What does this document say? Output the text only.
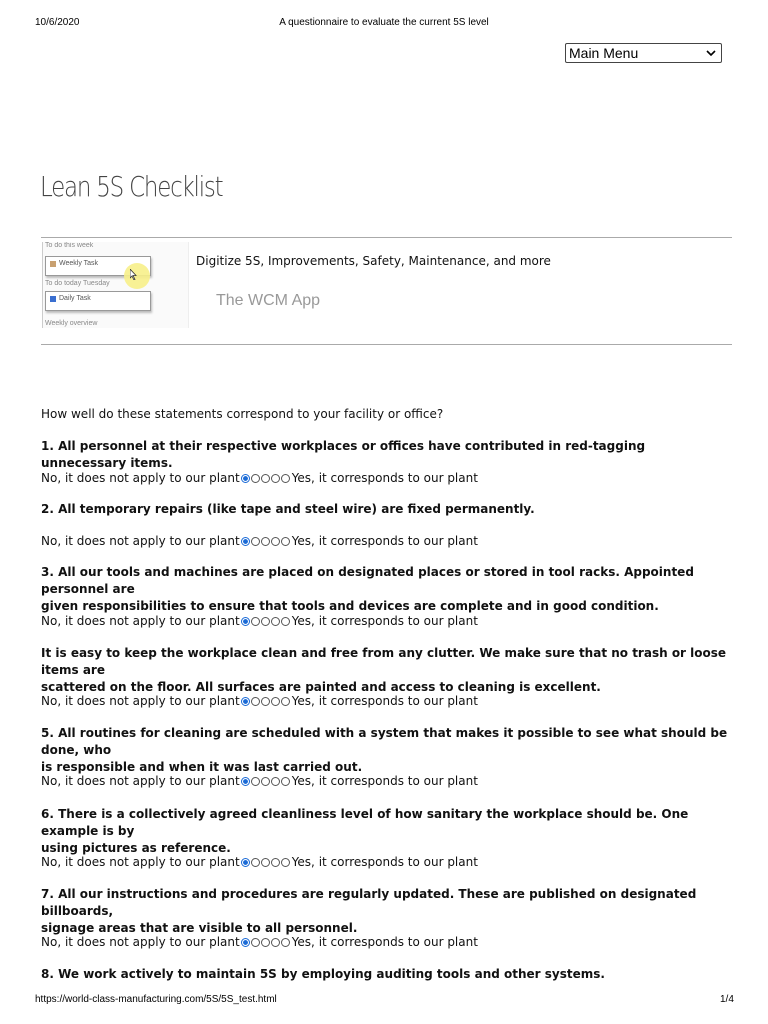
10/6/2020	A questionnaire to evaluate the current 5S level
Main Menu
Lean 5S Checklist
To do this week
Weekly Task
To do today Tuesday
Daily Task
Weekly overview
Digitize 5S, Improvements, Safety, Maintenance, and more
The WCM App
How well do these statements correspond to your facility or office?
1. All personnel at their respective workplaces or offices have contributed in red-tagging unnecessary items.
No, it does not apply to our plant	Yes, it corresponds to our plant
2. All temporary repairs (like tape and steel wire) are fixed permanently.
No, it does not apply to our plant	Yes, it corresponds to our plant
3. All our tools and machines are placed on designated places or stored in tool racks. Appointed personnel are
given responsibilities to ensure that tools and devices are complete and in good condition.
No, it does not apply to our plant	Yes, it corresponds to our plant
It is easy to keep the workplace clean and free from any clutter. We make sure that no trash or loose items are
scattered on the floor. All surfaces are painted and access to cleaning is excellent.
No, it does not apply to our plant	Yes, it corresponds to our plant
5. All routines for cleaning are scheduled with a system that makes it possible to see what should be done, who
is responsible and when it was last carried out.
No, it does not apply to our plant	Yes, it corresponds to our plant
6. There is a collectively agreed cleanliness level of how sanitary the workplace should be. One example is by
using pictures as reference.
No, it does not apply to our plant	Yes, it corresponds to our plant
7. All our instructions and procedures are regularly updated. These are published on designated billboards,
signage areas that are visible to all personnel.
No, it does not apply to our plant	Yes, it corresponds to our plant
8. We work actively to maintain 5S by employing auditing tools and other systems.
https://world-class-manufacturing.com/5S/5S_test.html	1/4
